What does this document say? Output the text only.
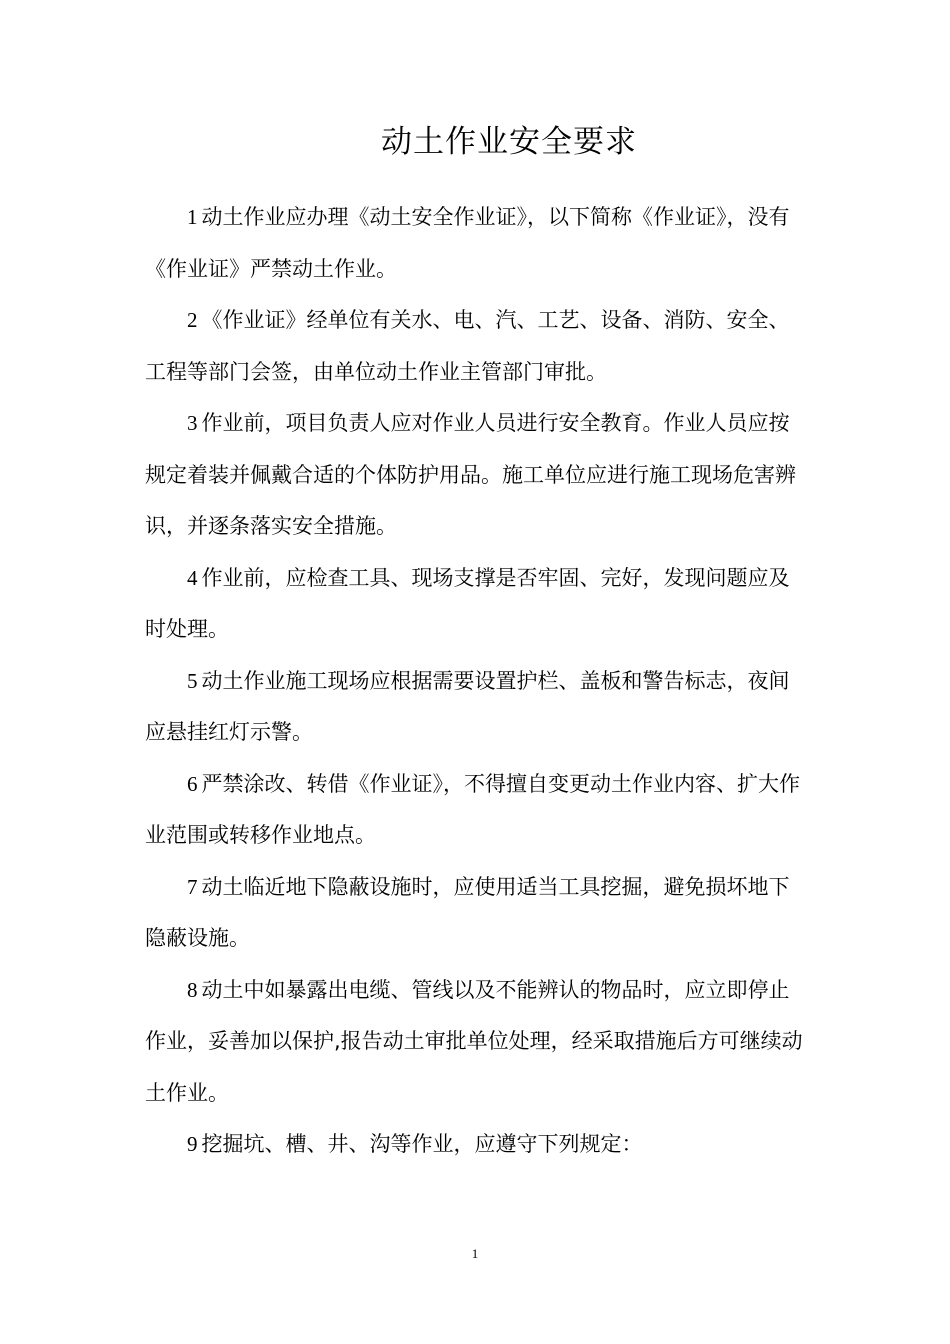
动土作业安全要求

1 动土作业应办理《动土安全作业证》，以下简称《作业证》，没有《作业证》严禁动土作业。

2 《作业证》经单位有关水、电、汽、工艺、设备、消防、安全、工程等部门会签，由单位动土作业主管部门审批。

3 作业前，项目负责人应对作业人员进行安全教育。作业人员应按规定着装并佩戴合适的个体防护用品。施工单位应进行施工现场危害辨识，并逐条落实安全措施。

4 作业前，应检查工具、现场支撑是否牢固、完好，发现问题应及时处理。

5 动土作业施工现场应根据需要设置护栏、盖板和警告标志，夜间应悬挂红灯示警。

6 严禁涂改、转借《作业证》，不得擅自变更动土作业内容、扩大作业范围或转移作业地点。

7 动土临近地下隐蔽设施时，应使用适当工具挖掘，避免损坏地下隐蔽设施。

8 动土中如暴露出电缆、管线以及不能辨认的物品时，应立即停止作业，妥善加以保护,报告动土审批单位处理，经采取措施后方可继续动土作业。

9 挖掘坑、槽、井、沟等作业，应遵守下列规定：

1
